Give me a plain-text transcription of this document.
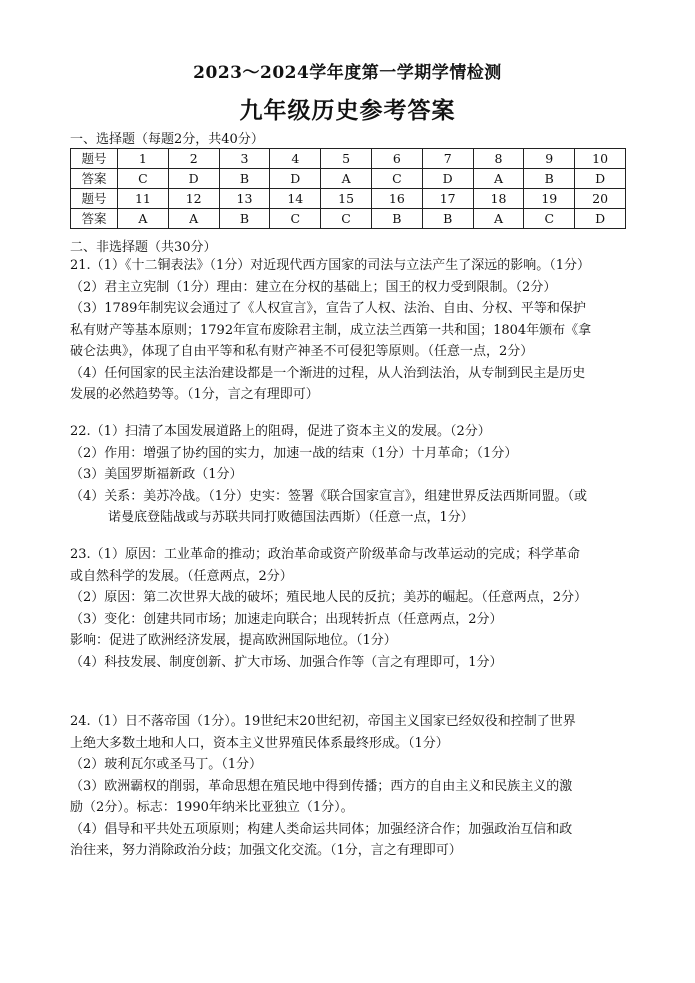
2023～2024学年度第一学期学情检测
九年级历史参考答案
一、选择题（每题2分，共40分）
题号	1	2	3	4	5	6	7	8	9	10
答案	C	D	B	D	A	C	D	A	B	D
题号	11	12	13	14	15	16	17	18	19	20
答案	A	A	B	C	C	B	B	A	C	D
二、非选择题（共30分）

21.（1）《十二铜表法》（1分）对近现代西方国家的司法与立法产生了深远的影响。（1分）

（2）君主立宪制（1分）理由：建立在分权的基础上；国王的权力受到限制。（2分）

（3）1789年制宪议会通过了《人权宣言》，宣告了人权、法治、自由、分权、平等和保护

私有财产等基本原则；1792年宣布废除君主制，成立法兰西第一共和国；1804年颁布《拿

破仑法典》，体现了自由平等和私有财产神圣不可侵犯等原则。（任意一点，2分）

（4）任何国家的民主法治建设都是一个渐进的过程，从人治到法治，从专制到民主是历史

发展的必然趋势等。（1分，言之有理即可）

22.（1）扫清了本国发展道路上的阻碍，促进了资本主义的发展。（2分）

（2）作用：增强了协约国的实力，加速一战的结束（1分）十月革命；（1分）

（3）美国罗斯福新政（1分）

（4）关系：美苏冷战。（1分）史实：签署《联合国家宣言》，组建世界反法西斯同盟。（或

诺曼底登陆战或与苏联共同打败德国法西斯）（任意一点，1分）

23.（1）原因：工业革命的推动；政治革命或资产阶级革命与改革运动的完成；科学革命

或自然科学的发展。（任意两点，2分）

（2）原因：第二次世界大战的破坏；殖民地人民的反抗；美苏的崛起。（任意两点，2分）

（3）变化：创建共同市场；加速走向联合；出现转折点（任意两点，2分）

影响：促进了欧洲经济发展，提高欧洲国际地位。（1分）

（4）科技发展、制度创新、扩大市场、加强合作等（言之有理即可，1分）

24.（1）日不落帝国（1分）。19世纪末20世纪初，帝国主义国家已经奴役和控制了世界

上绝大多数土地和人口，资本主义世界殖民体系最终形成。（1分）

（2）玻利瓦尔或圣马丁。（1分）

（3）欧洲霸权的削弱，革命思想在殖民地中得到传播；西方的自由主义和民族主义的激

励（2分）。标志：1990年纳米比亚独立（1分）。

（4）倡导和平共处五项原则；构建人类命运共同体；加强经济合作；加强政治互信和政

治往来，努力消除政治分歧；加强文化交流。（1分，言之有理即可）
